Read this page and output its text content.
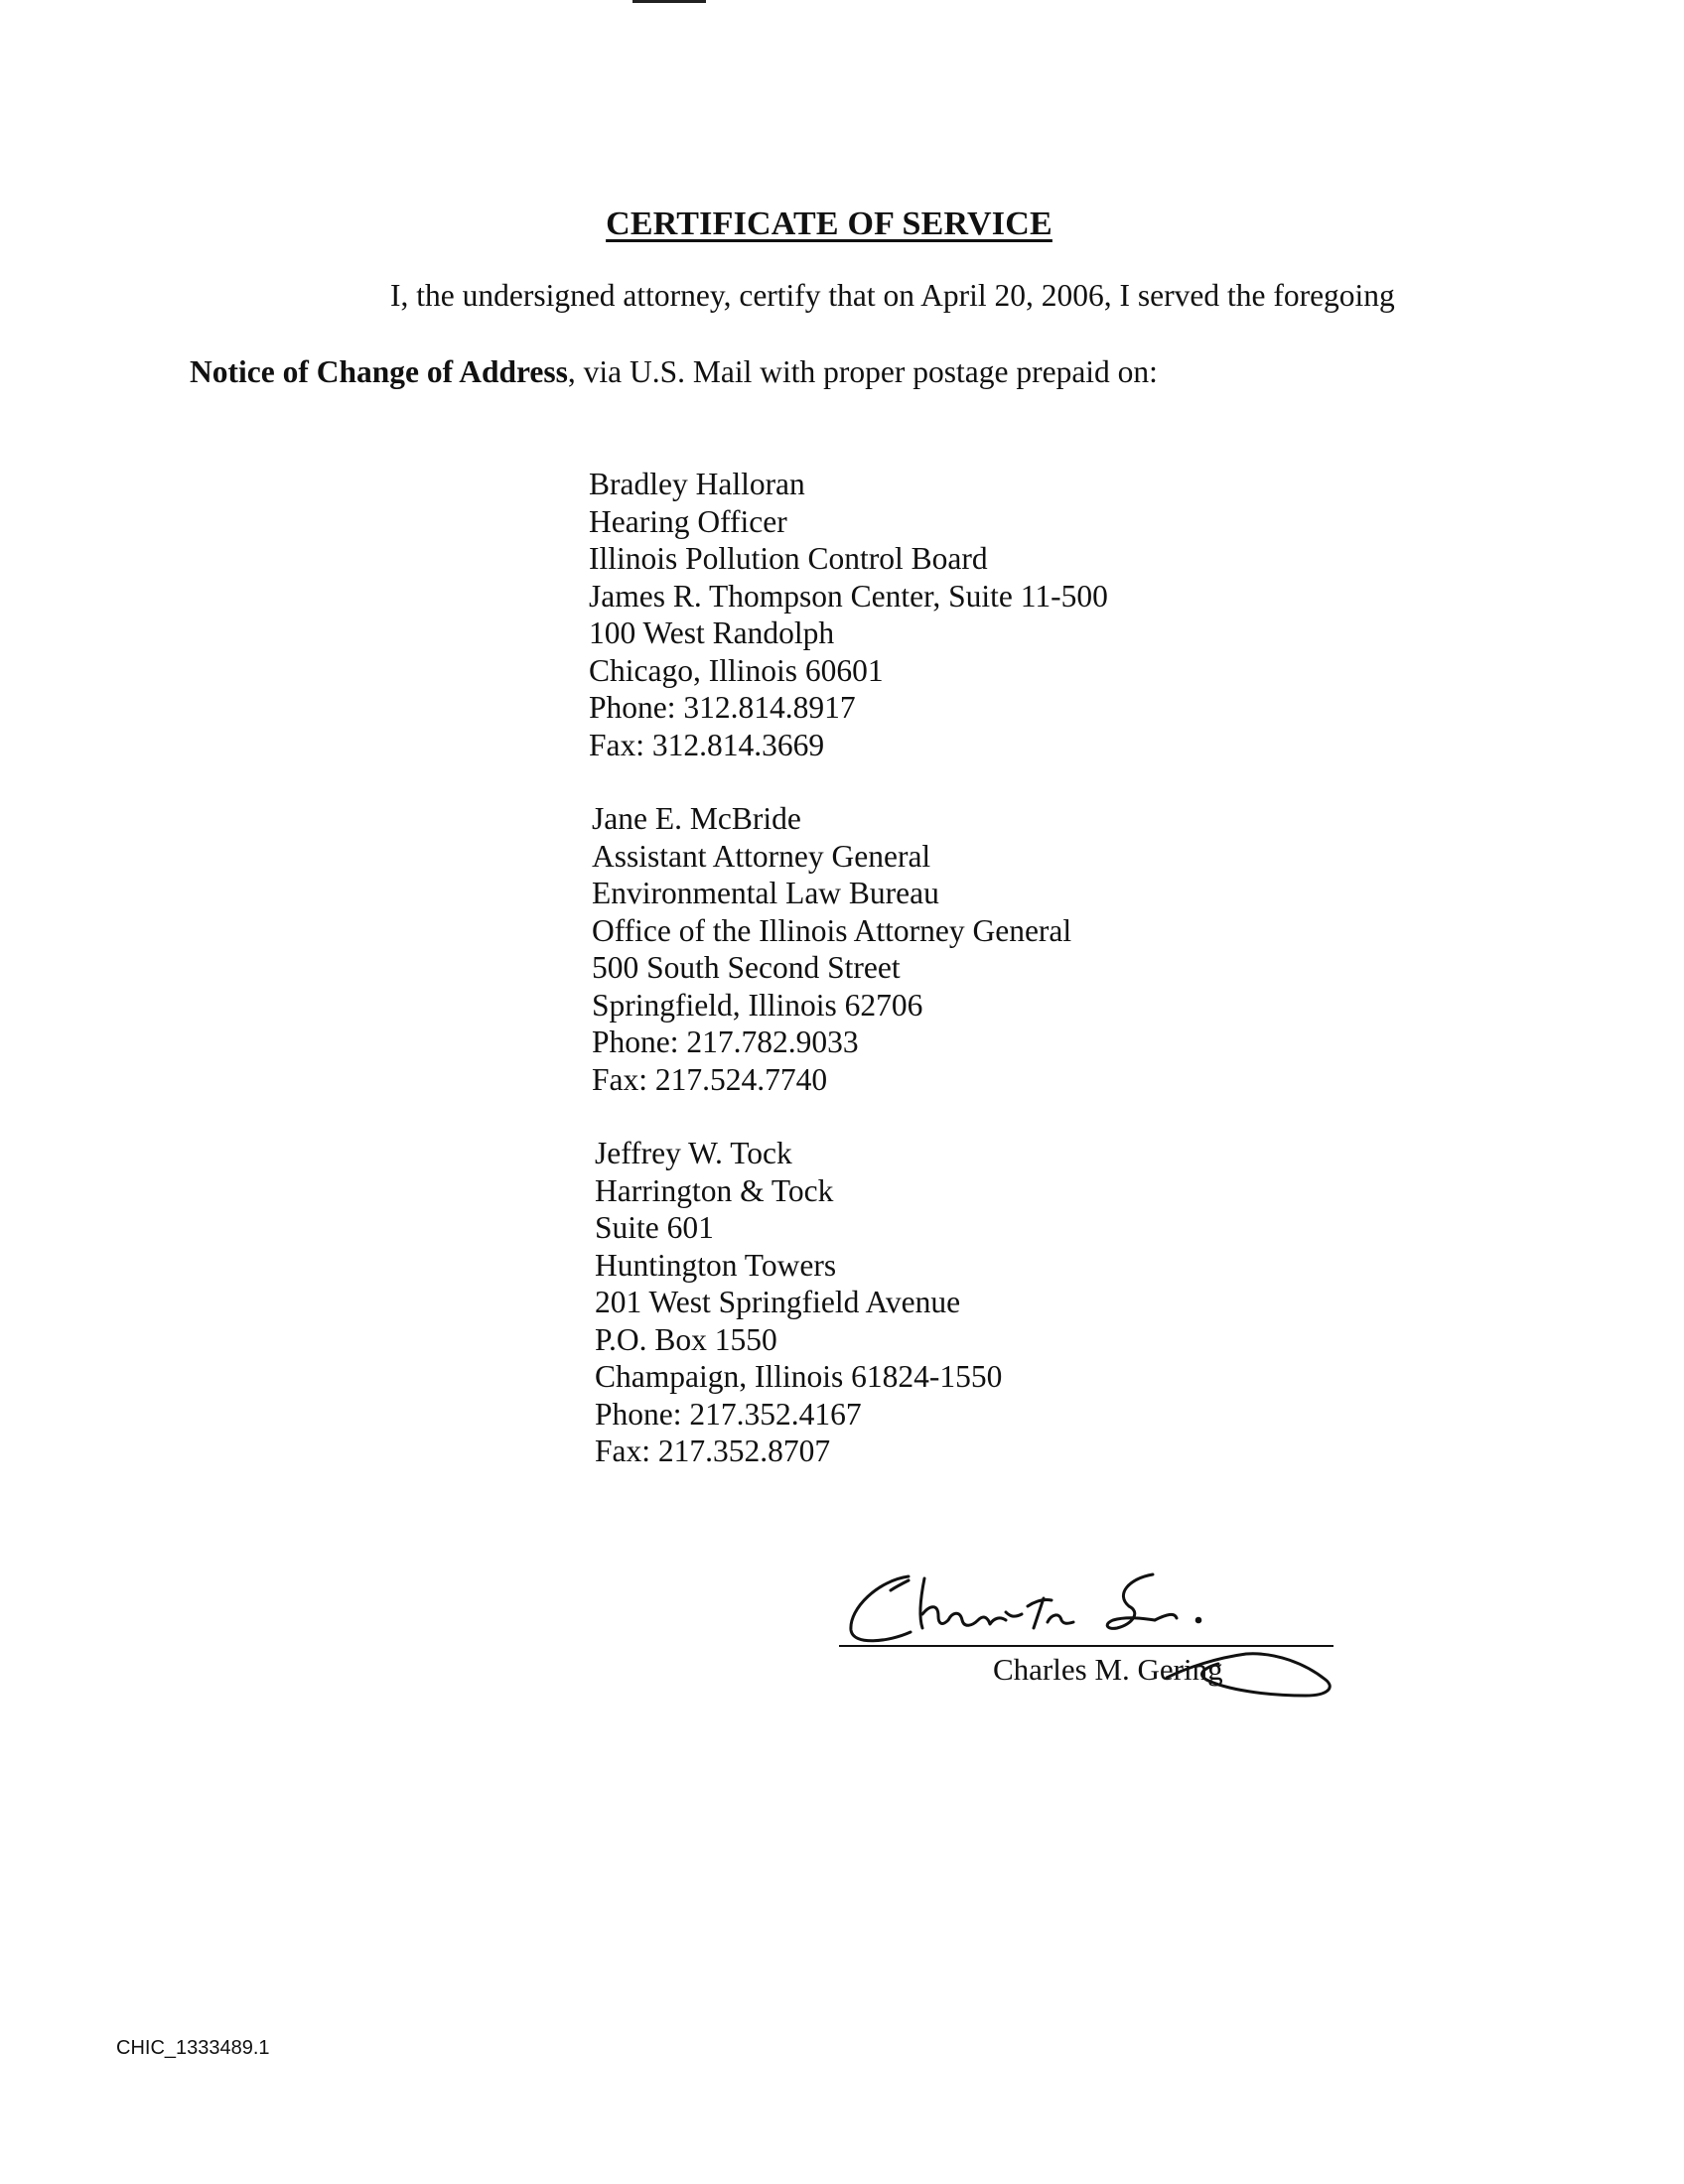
CERTIFICATE OF SERVICE
I, the undersigned attorney, certify that on April 20, 2006, I served the foregoing
Notice of Change of Address, via U.S. Mail with proper postage prepaid on:
Bradley Halloran
Hearing Officer
Illinois Pollution Control Board
James R. Thompson Center, Suite 11-500
100 West Randolph
Chicago, Illinois 60601
Phone: 312.814.8917
Fax: 312.814.3669
Jane E. McBride
Assistant Attorney General
Environmental Law Bureau
Office of the Illinois Attorney General
500 South Second Street
Springfield, Illinois 62706
Phone: 217.782.9033
Fax: 217.524.7740
Jeffrey W. Tock
Harrington & Tock
Suite 601
Huntington Towers
201 West Springfield Avenue
P.O. Box 1550
Champaign, Illinois 61824-1550
Phone: 217.352.4167
Fax: 217.352.8707
Charles M. Gering
CHIC_1333489.1
